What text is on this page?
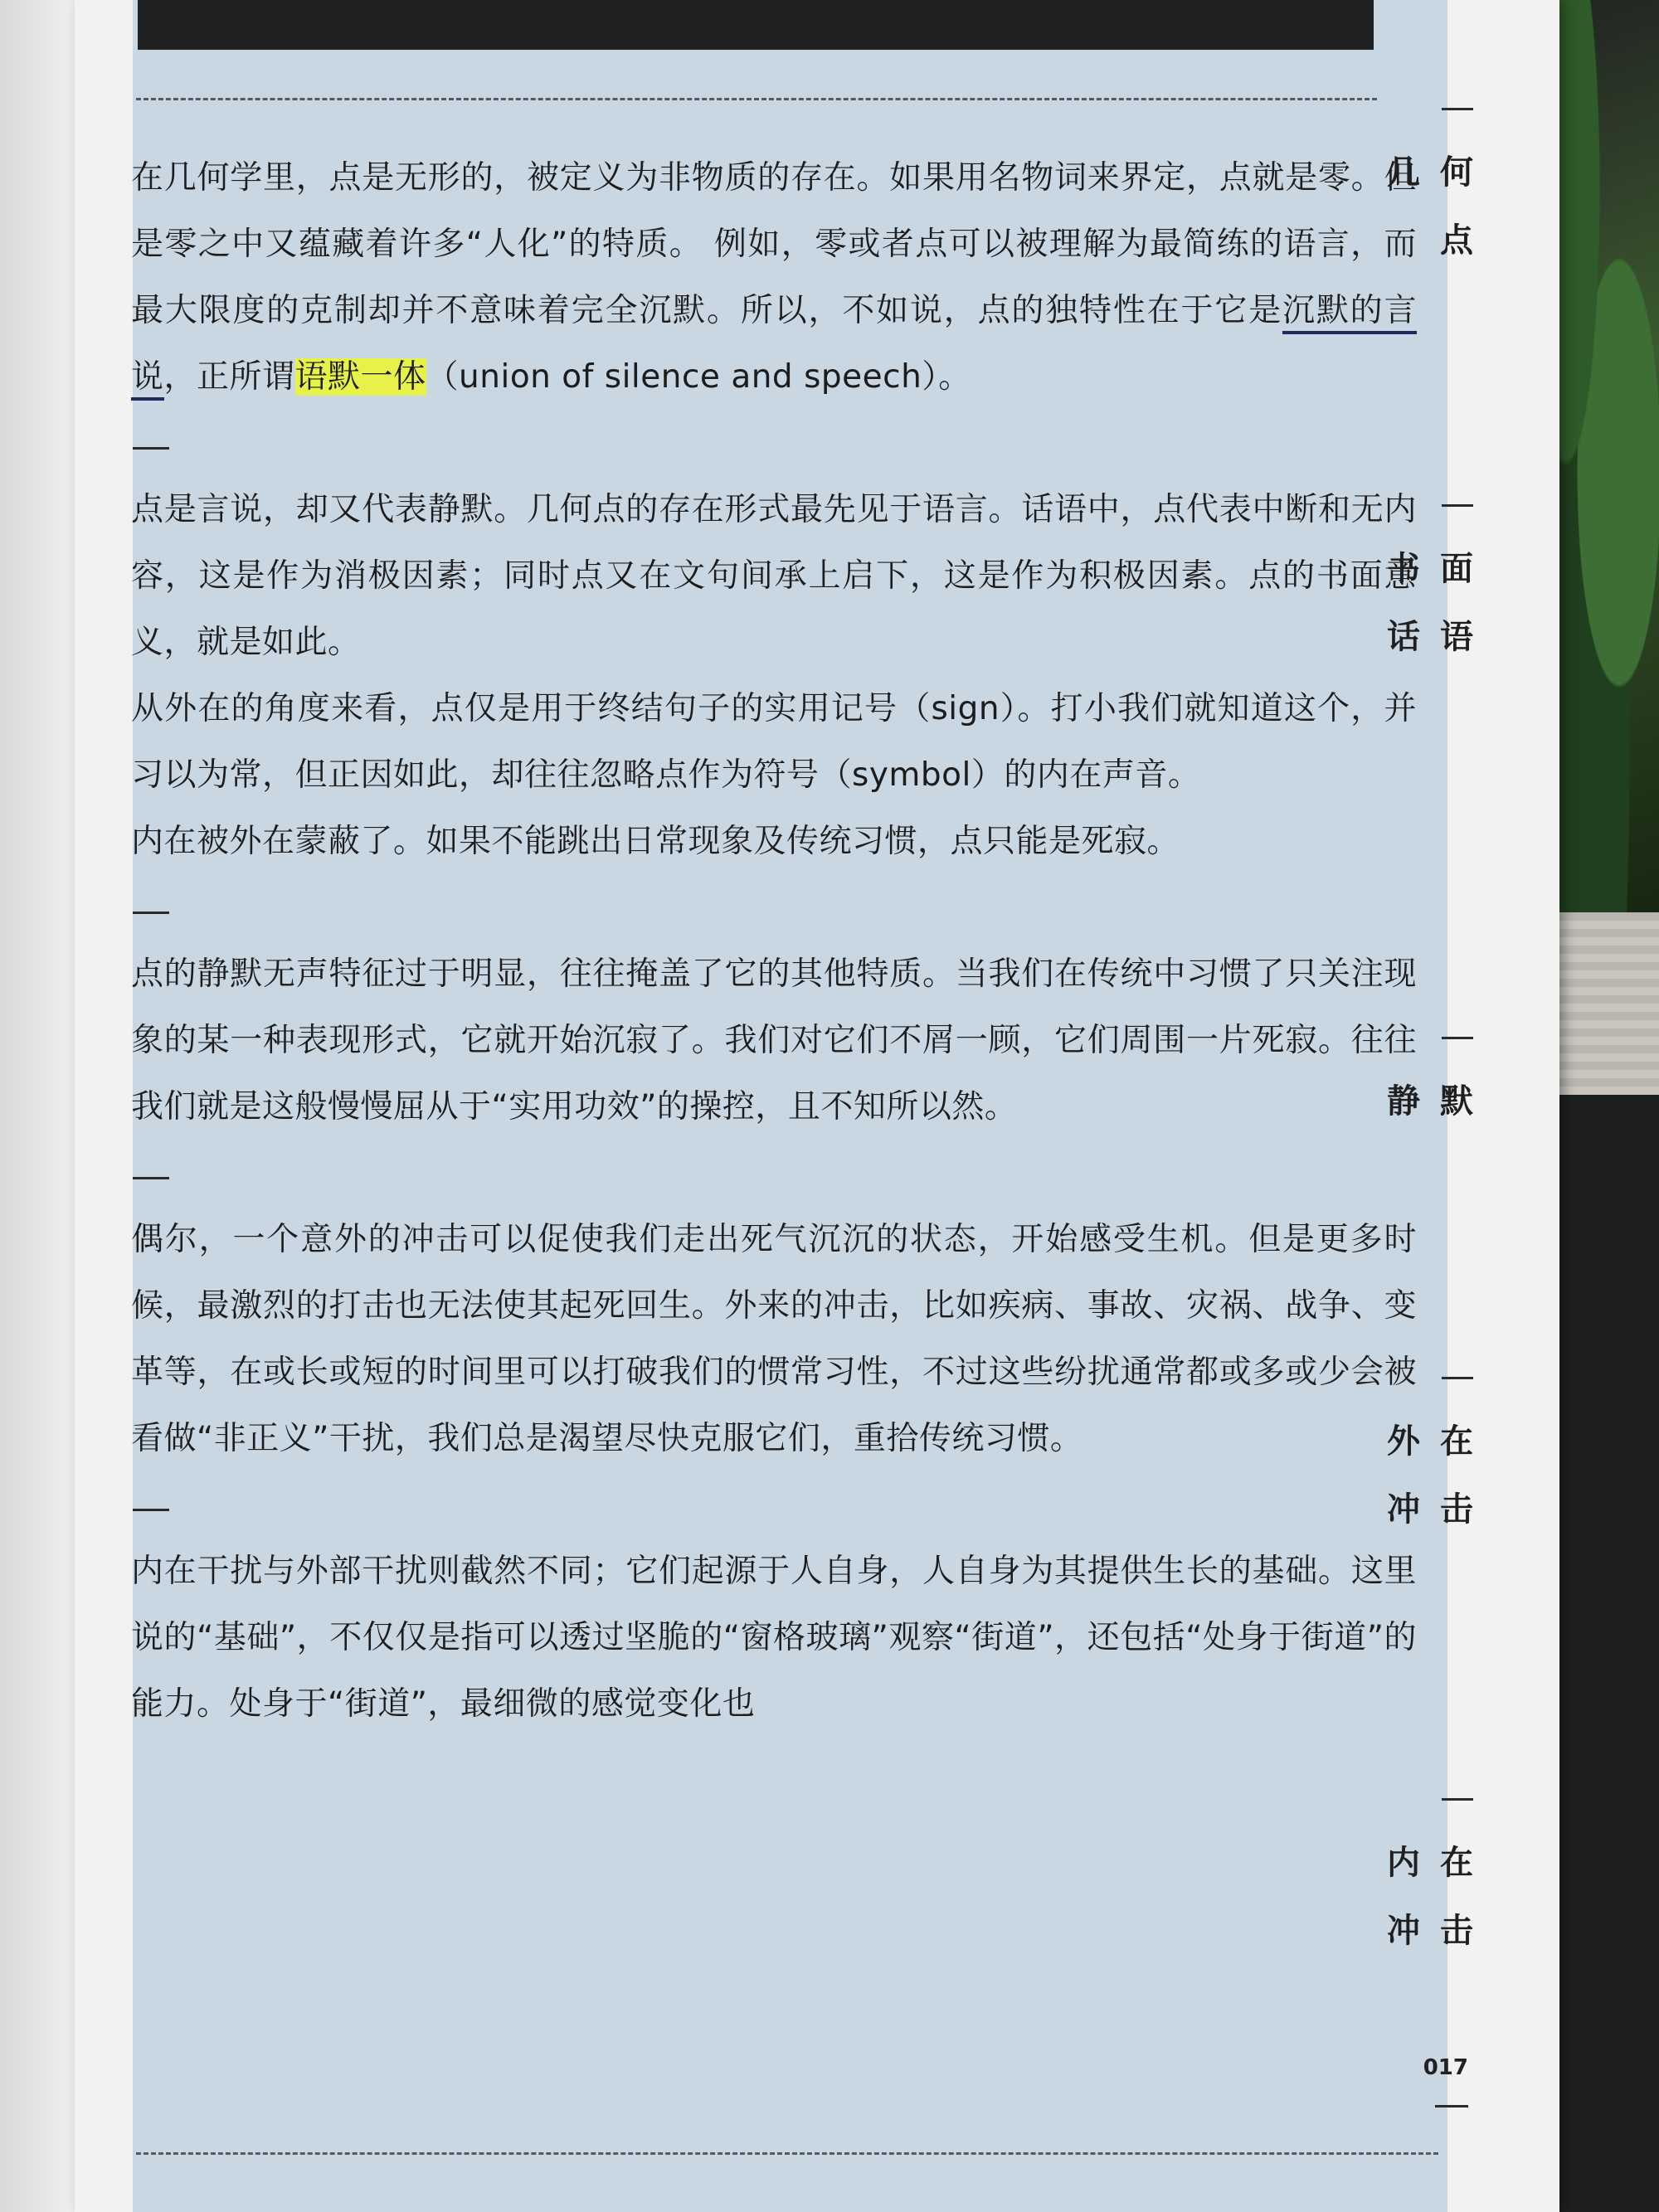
在几何学里，点是无形的，被定义为非物质的存在。如果用名物词来界定，点就是零。但是零之中又蕴藏着许多“人化”的特质。 例如，零或者点可以被理解为最简练的语言，而最大限度的克制却并不意味着完全沉默。所以，不如说，点的独特性在于它是沉默的言说，正所谓语默一体（union of silence and speech）。

点是言说，却又代表静默。几何点的存在形式最先见于语言。话语中，点代表中断和无内容，这是作为消极因素；同时点又在文句间承上启下，这是作为积极因素。点的书面意义，就是如此。

从外在的角度来看，点仅是用于终结句子的实用记号（sign）。打小我们就知道这个，并习以为常，但正因如此，却往往忽略点作为符号（symbol）的内在声音。

内在被外在蒙蔽了。如果不能跳出日常现象及传统习惯，点只能是死寂。

点的静默无声特征过于明显，往往掩盖了它的其他特质。当我们在传统中习惯了只关注现象的某一种表现形式，它就开始沉寂了。我们对它们不屑一顾，它们周围一片死寂。往往我们就是这般慢慢屈从于“实用功效”的操控，且不知所以然。

偶尔，一个意外的冲击可以促使我们走出死气沉沉的状态，开始感受生机。但是更多时候，最激烈的打击也无法使其起死回生。外来的冲击，比如疾病、事故、灾祸、战争、变革等，在或长或短的时间里可以打破我们的惯常习性，不过这些纷扰通常都或多或少会被看做“非正义”干扰，我们总是渴望尽快克服它们，重拾传统习惯。

内在干扰与外部干扰则截然不同；它们起源于人自身，人自身为其提供生长的基础。这里说的“基础”，不仅仅是指可以透过坚脆的“窗格玻璃”观察“街道”，还包括“处身于街道”的能力。处身于“街道”，最细微的感觉变化也

几何
点
书面
话语
静默
外在
冲击
内在
冲击
017
